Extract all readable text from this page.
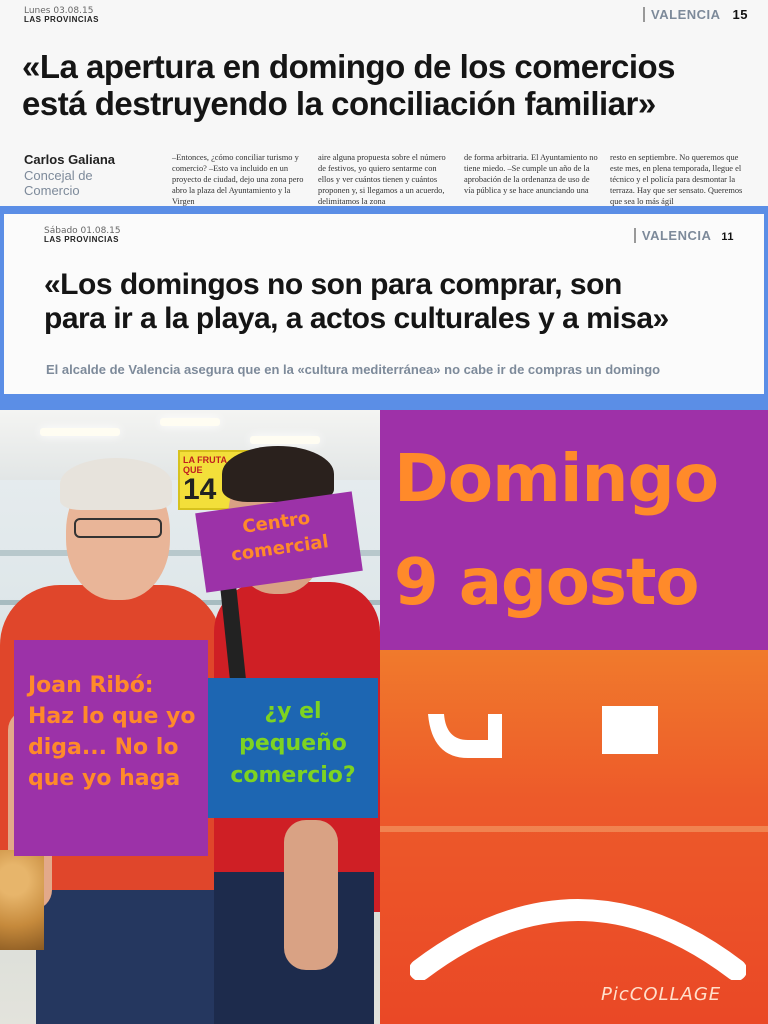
Lunes 03.08.15
LAS PROVINCIAS	VALENCIA 15
«La apertura en domingo de los comercios
está destruyendo la conciliación familiar»
Carlos Galiana
Concejal de Comercio
–Entonces, ¿cómo conciliar turismo y comercio? –Esto va incluido en un proyecto de ciudad, dejo una zona pero abro la plaza del Ayuntamiento y la Virgen
aire alguna propuesta sobre el número de festivos, yo quiero sentarme con ellos y ver cuántos tienen y cuántos proponen y, si llegamos a un acuerdo, delimitamos la zona
de forma arbitraria. El Ayuntamiento no tiene miedo. –Se cumple un año de la aprobación de la ordenanza de uso de vía pública y se hace anunciando una
resto en septiembre. No queremos que este mes, en plena temporada, llegue el técnico y el policía para desmontar la terraza. Hay que ser sensato. Queremos que sea lo más ágil
Sábado 01.08.15
LAS PROVINCIAS	VALENCIA 11
«Los domingos no son para comprar, son
para ir a la playa, a actos culturales y a misa»
El alcalde de Valencia asegura que en la «cultura mediterránea» no cabe ir de compras un domingo
LA FRUTA QUE
14
Centro
comercial
Joan Ribó:
Haz lo que yo
diga... No lo
que yo haga
¿y el
pequeño
comercio?
Domingo
9 agosto
PicCOLLAGE
